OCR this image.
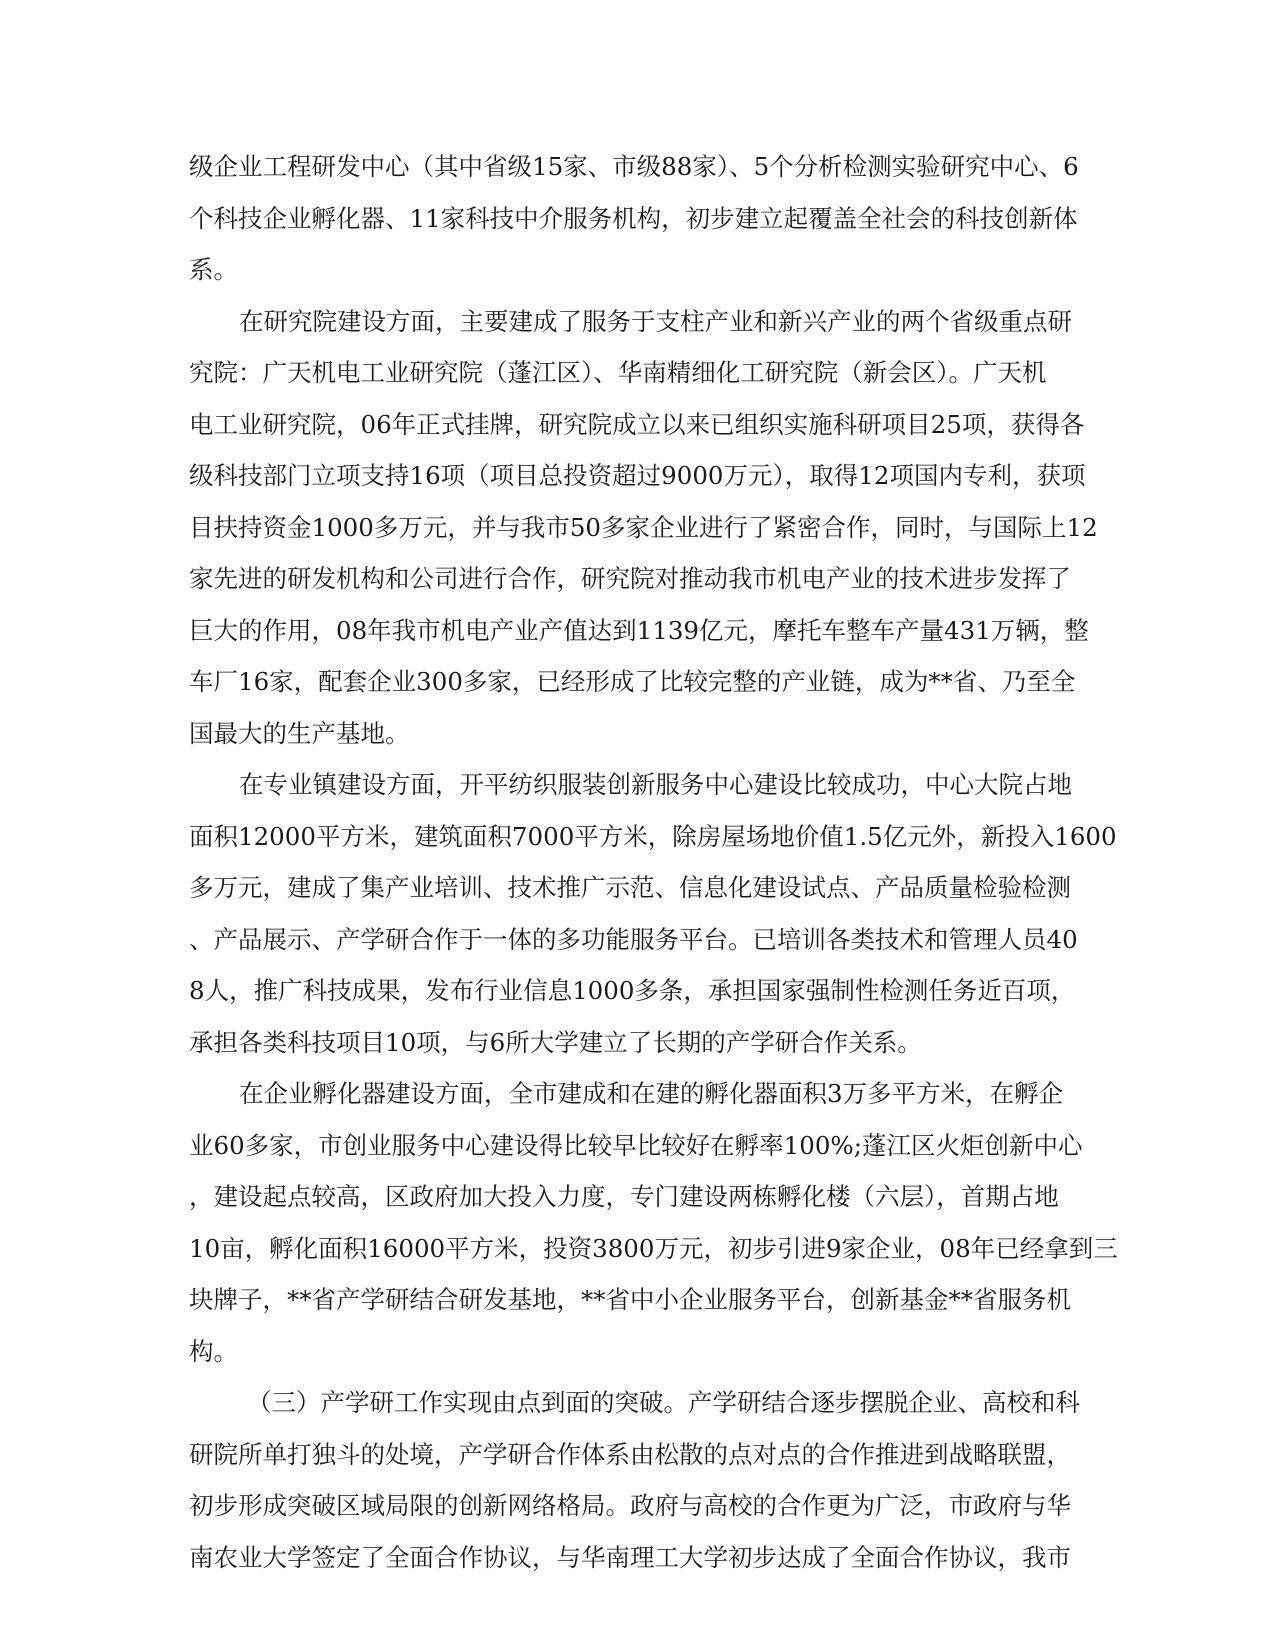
级企业工程研发中心（其中省级15家、市级88家）、5个分析检测实验研究中心、6
个科技企业孵化器、11家科技中介服务机构，初步建立起覆盖全社会的科技创新体
系。
在研究院建设方面，主要建成了服务于支柱产业和新兴产业的两个省级重点研
究院：广天机电工业研究院（蓬江区）、华南精细化工研究院（新会区）。广天机
电工业研究院，06年正式挂牌，研究院成立以来已组织实施科研项目25项，获得各
级科技部门立项支持16项（项目总投资超过9000万元），取得12项国内专利，获项
目扶持资金1000多万元，并与我市50多家企业进行了紧密合作，同时，与国际上12
家先进的研发机构和公司进行合作，研究院对推动我市机电产业的技术进步发挥了
巨大的作用，08年我市机电产业产值达到1139亿元，摩托车整车产量431万辆，整
车厂16家，配套企业300多家，已经形成了比较完整的产业链，成为**省、乃至全
国最大的生产基地。
在专业镇建设方面，开平纺织服装创新服务中心建设比较成功，中心大院占地
面积12000平方米，建筑面积7000平方米，除房屋场地价值1.5亿元外，新投入1600
多万元，建成了集产业培训、技术推广示范、信息化建设试点、产品质量检验检测
、产品展示、产学研合作于一体的多功能服务平台。已培训各类技术和管理人员40
8人，推广科技成果，发布行业信息1000多条，承担国家强制性检测任务近百项，
承担各类科技项目10项，与6所大学建立了长期的产学研合作关系。
在企业孵化器建设方面，全市建成和在建的孵化器面积3万多平方米，在孵企
业60多家，市创业服务中心建设得比较早比较好在孵率100%;蓬江区火炬创新中心
，建设起点较高，区政府加大投入力度，专门建设两栋孵化楼（六层），首期占地
10亩，孵化面积16000平方米，投资3800万元，初步引进9家企业，08年已经拿到三
块牌子，**省产学研结合研发基地，**省中小企业服务平台，创新基金**省服务机
构。
（三）产学研工作实现由点到面的突破。产学研结合逐步摆脱企业、高校和科
研院所单打独斗的处境，产学研合作体系由松散的点对点的合作推进到战略联盟，
初步形成突破区域局限的创新网络格局。政府与高校的合作更为广泛，市政府与华
南农业大学签定了全面合作协议，与华南理工大学初步达成了全面合作协议，我市
